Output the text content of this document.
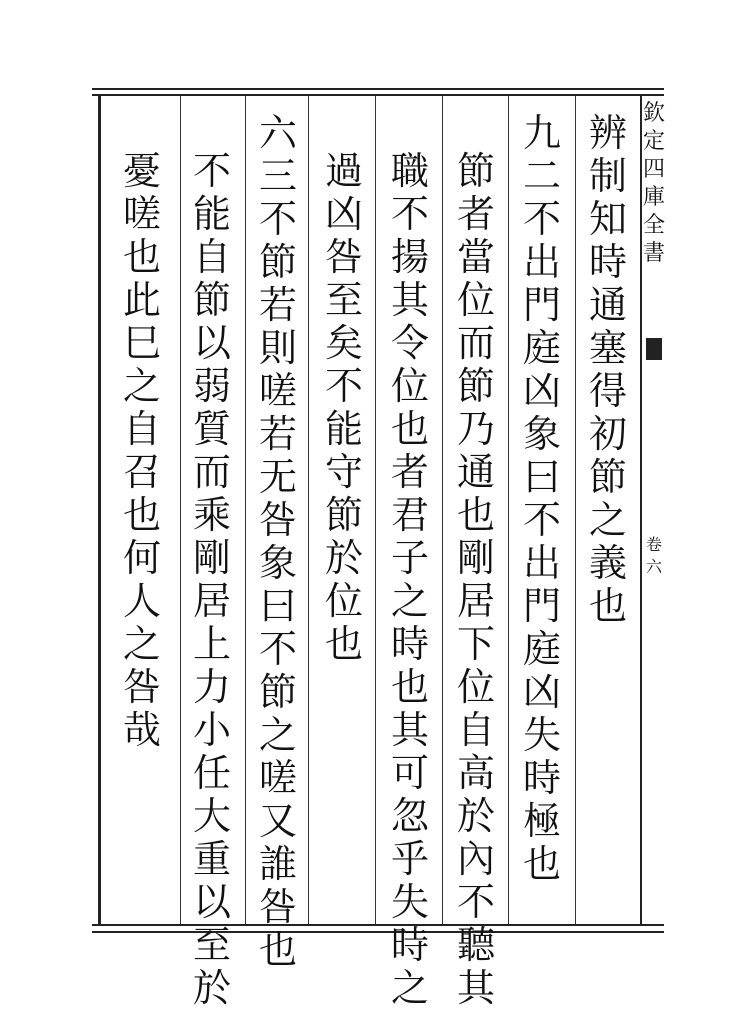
欽
定
四
庫
全
書
卷
六
辨
制
知
時
通
塞
得
初
節
之
義
也
九
二
不
出
門
庭
凶
象
曰
不
出
門
庭
凶
失
時
極
也
節
者
當
位
而
節
乃
通
也
剛
居
下
位
自
高
於
內
不
聽
其
職
不
揚
其
令
位
也
者
君
子
之
時
也
其
可
忽
乎
失
時
之
過
凶
咎
至
矣
不
能
守
節
於
位
也
六
三
不
節
若
則
嗟
若
无
咎
象
曰
不
節
之
嗟
又
誰
咎
也
不
能
自
節
以
弱
質
而
乘
剛
居
上
力
小
任
大
重
以
至
於
憂
嗟
也
此
巳
之
自
召
也
何
人
之
咎
哉
